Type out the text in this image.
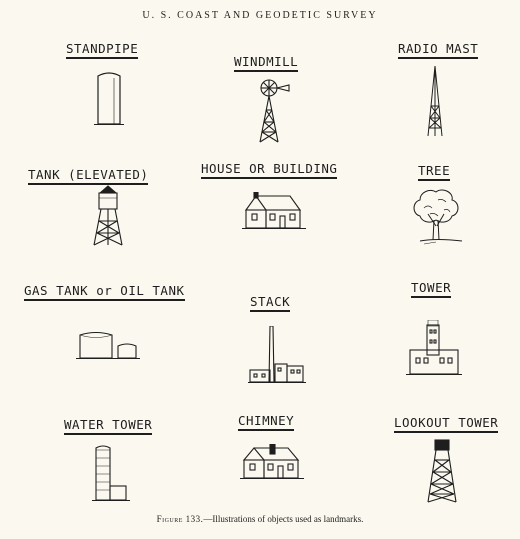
U. S. COAST AND GEODETIC SURVEY
STANDPIPE
WINDMILL
RADIO MAST
TANK (ELEVATED)	HOUSE OR BUILDING	TREE
GAS TANK or OIL TANK
STACK
TOWER
WATER TOWER	CHIMNEY	LOOKOUT TOWER
Figure 133.—Illustrations of objects used as landmarks.
